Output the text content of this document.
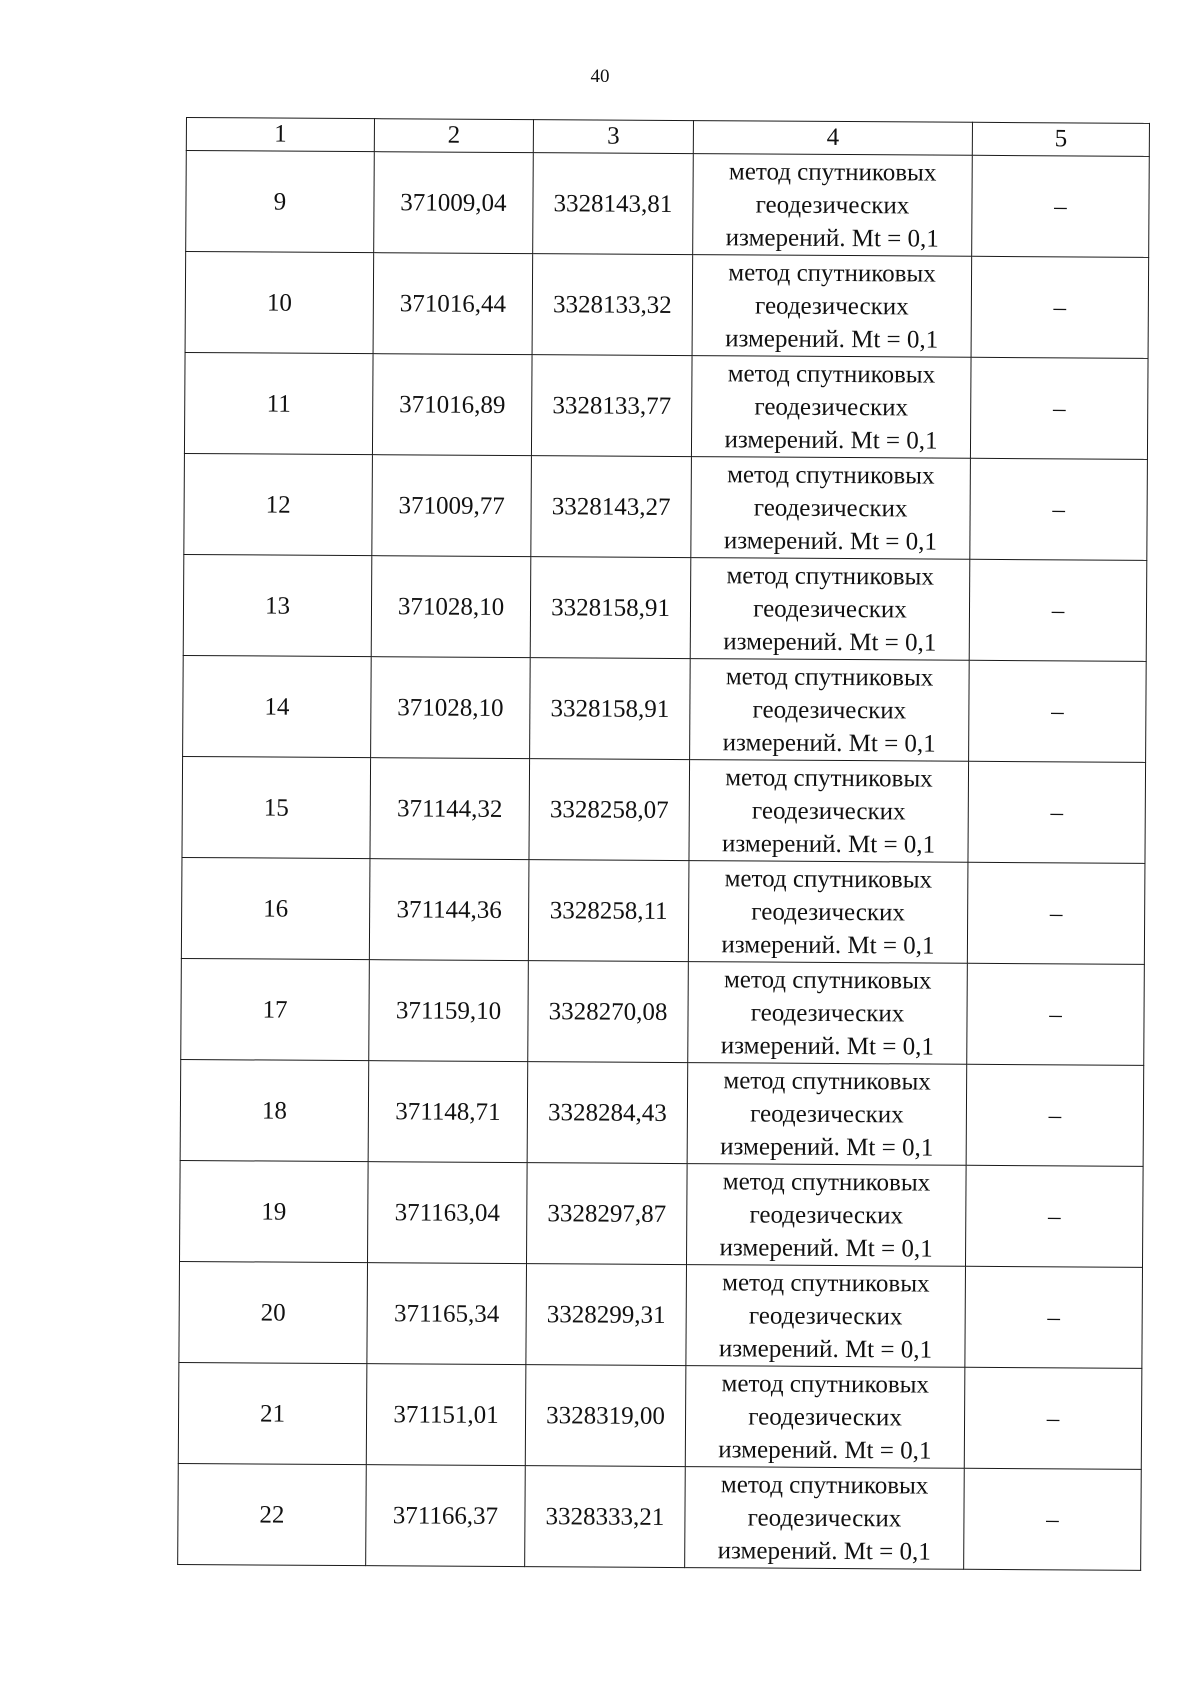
40
1	2	3	4	5
9	371009,04	3328143,81	метод спутниковых геодезических измерений. Mt = 0,1	–
10	371016,44	3328133,32	метод спутниковых геодезических измерений. Mt = 0,1	–
11	371016,89	3328133,77	метод спутниковых геодезических измерений. Mt = 0,1	–
12	371009,77	3328143,27	метод спутниковых геодезических измерений. Mt = 0,1	–
13	371028,10	3328158,91	метод спутниковых геодезических измерений. Mt = 0,1	–
14	371028,10	3328158,91	метод спутниковых геодезических измерений. Mt = 0,1	–
15	371144,32	3328258,07	метод спутниковых геодезических измерений. Mt = 0,1	–
16	371144,36	3328258,11	метод спутниковых геодезических измерений. Mt = 0,1	–
17	371159,10	3328270,08	метод спутниковых геодезических измерений. Mt = 0,1	–
18	371148,71	3328284,43	метод спутниковых геодезических измерений. Mt = 0,1	–
19	371163,04	3328297,87	метод спутниковых геодезических измерений. Mt = 0,1	–
20	371165,34	3328299,31	метод спутниковых геодезических измерений. Mt = 0,1	–
21	371151,01	3328319,00	метод спутниковых геодезических измерений. Mt = 0,1	–
22	371166,37	3328333,21	метод спутниковых геодезических измерений. Mt = 0,1	–
